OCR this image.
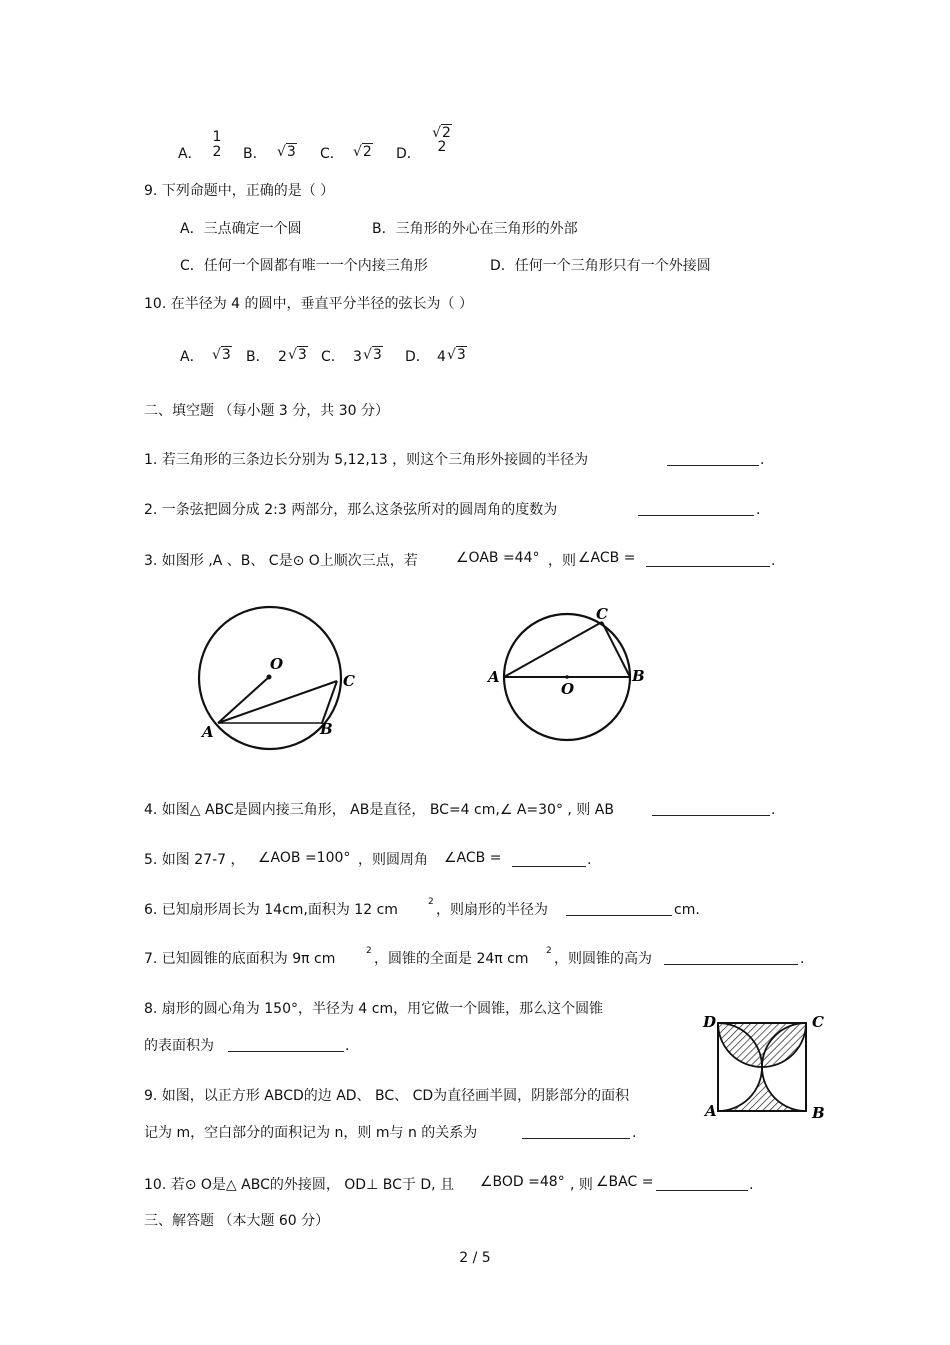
A．
1
2 B． √3 C． √2 D．
√2
2
9. 下列命题中，正确的是（ ）
A．三点确定一个圆	B．三角形的外心在三角形的外部
C．任何一个圆都有唯一一个内接三角形	D．任何一个三角形只有一个外接圆
10. 在半径为 4 的圆中，垂直平分半径的弦长为（ ）
A． √3 B． 2 √3 C． 3 √3 D． 4 √3
二、填空题 （每小题 3 分，共 30 分）
1. 若三角形的三条边长分别为 5,12,13 ，则这个三角形外接圆的半径为	.
2. 一条弦把圆分成 2:3 两部分，那么这条弦所对的圆周角的度数为	.
3. 如图形 ,A 、B、 C是⊙ O上顺次三点，若	∠OAB =44° ，则 ∠ACB =	.
O
C
A	B
C
A
O
B
4. 如图△ ABC是圆内接三角形， AB是直径， BC=4 cm,∠ A=30° , 则 AB	.
5. 如图 27-7 ， ∠AOB =100° ，则圆周角 ∠ACB =	.
6. 已知扇形周长为 14cm,面积为 12 cm	2 ，则扇形的半径为	cm.
7. 已知圆锥的底面积为 9π cm	2 ，圆锥的全面是 24π cm 2 ，则圆锥的高为	.
8. 扇形的圆心角为 150°，半径为 4 cm，用它做一个圆锥，那么这个圆锥
的表面积为	.
D	C
A	B
9. 如图，以正方形 ABCD的边 AD、 BC、 CD为直径画半圆，阴影部分的面积
记为 m，空白部分的面积记为 n，则 m与 n 的关系为	.
10. 若⊙ O是△ ABC的外接圆， OD⊥ BC于 D, 且 ∠BOD =48° , 则 ∠BAC =	.
三、解答题 （本大题 60 分）
2 / 5
